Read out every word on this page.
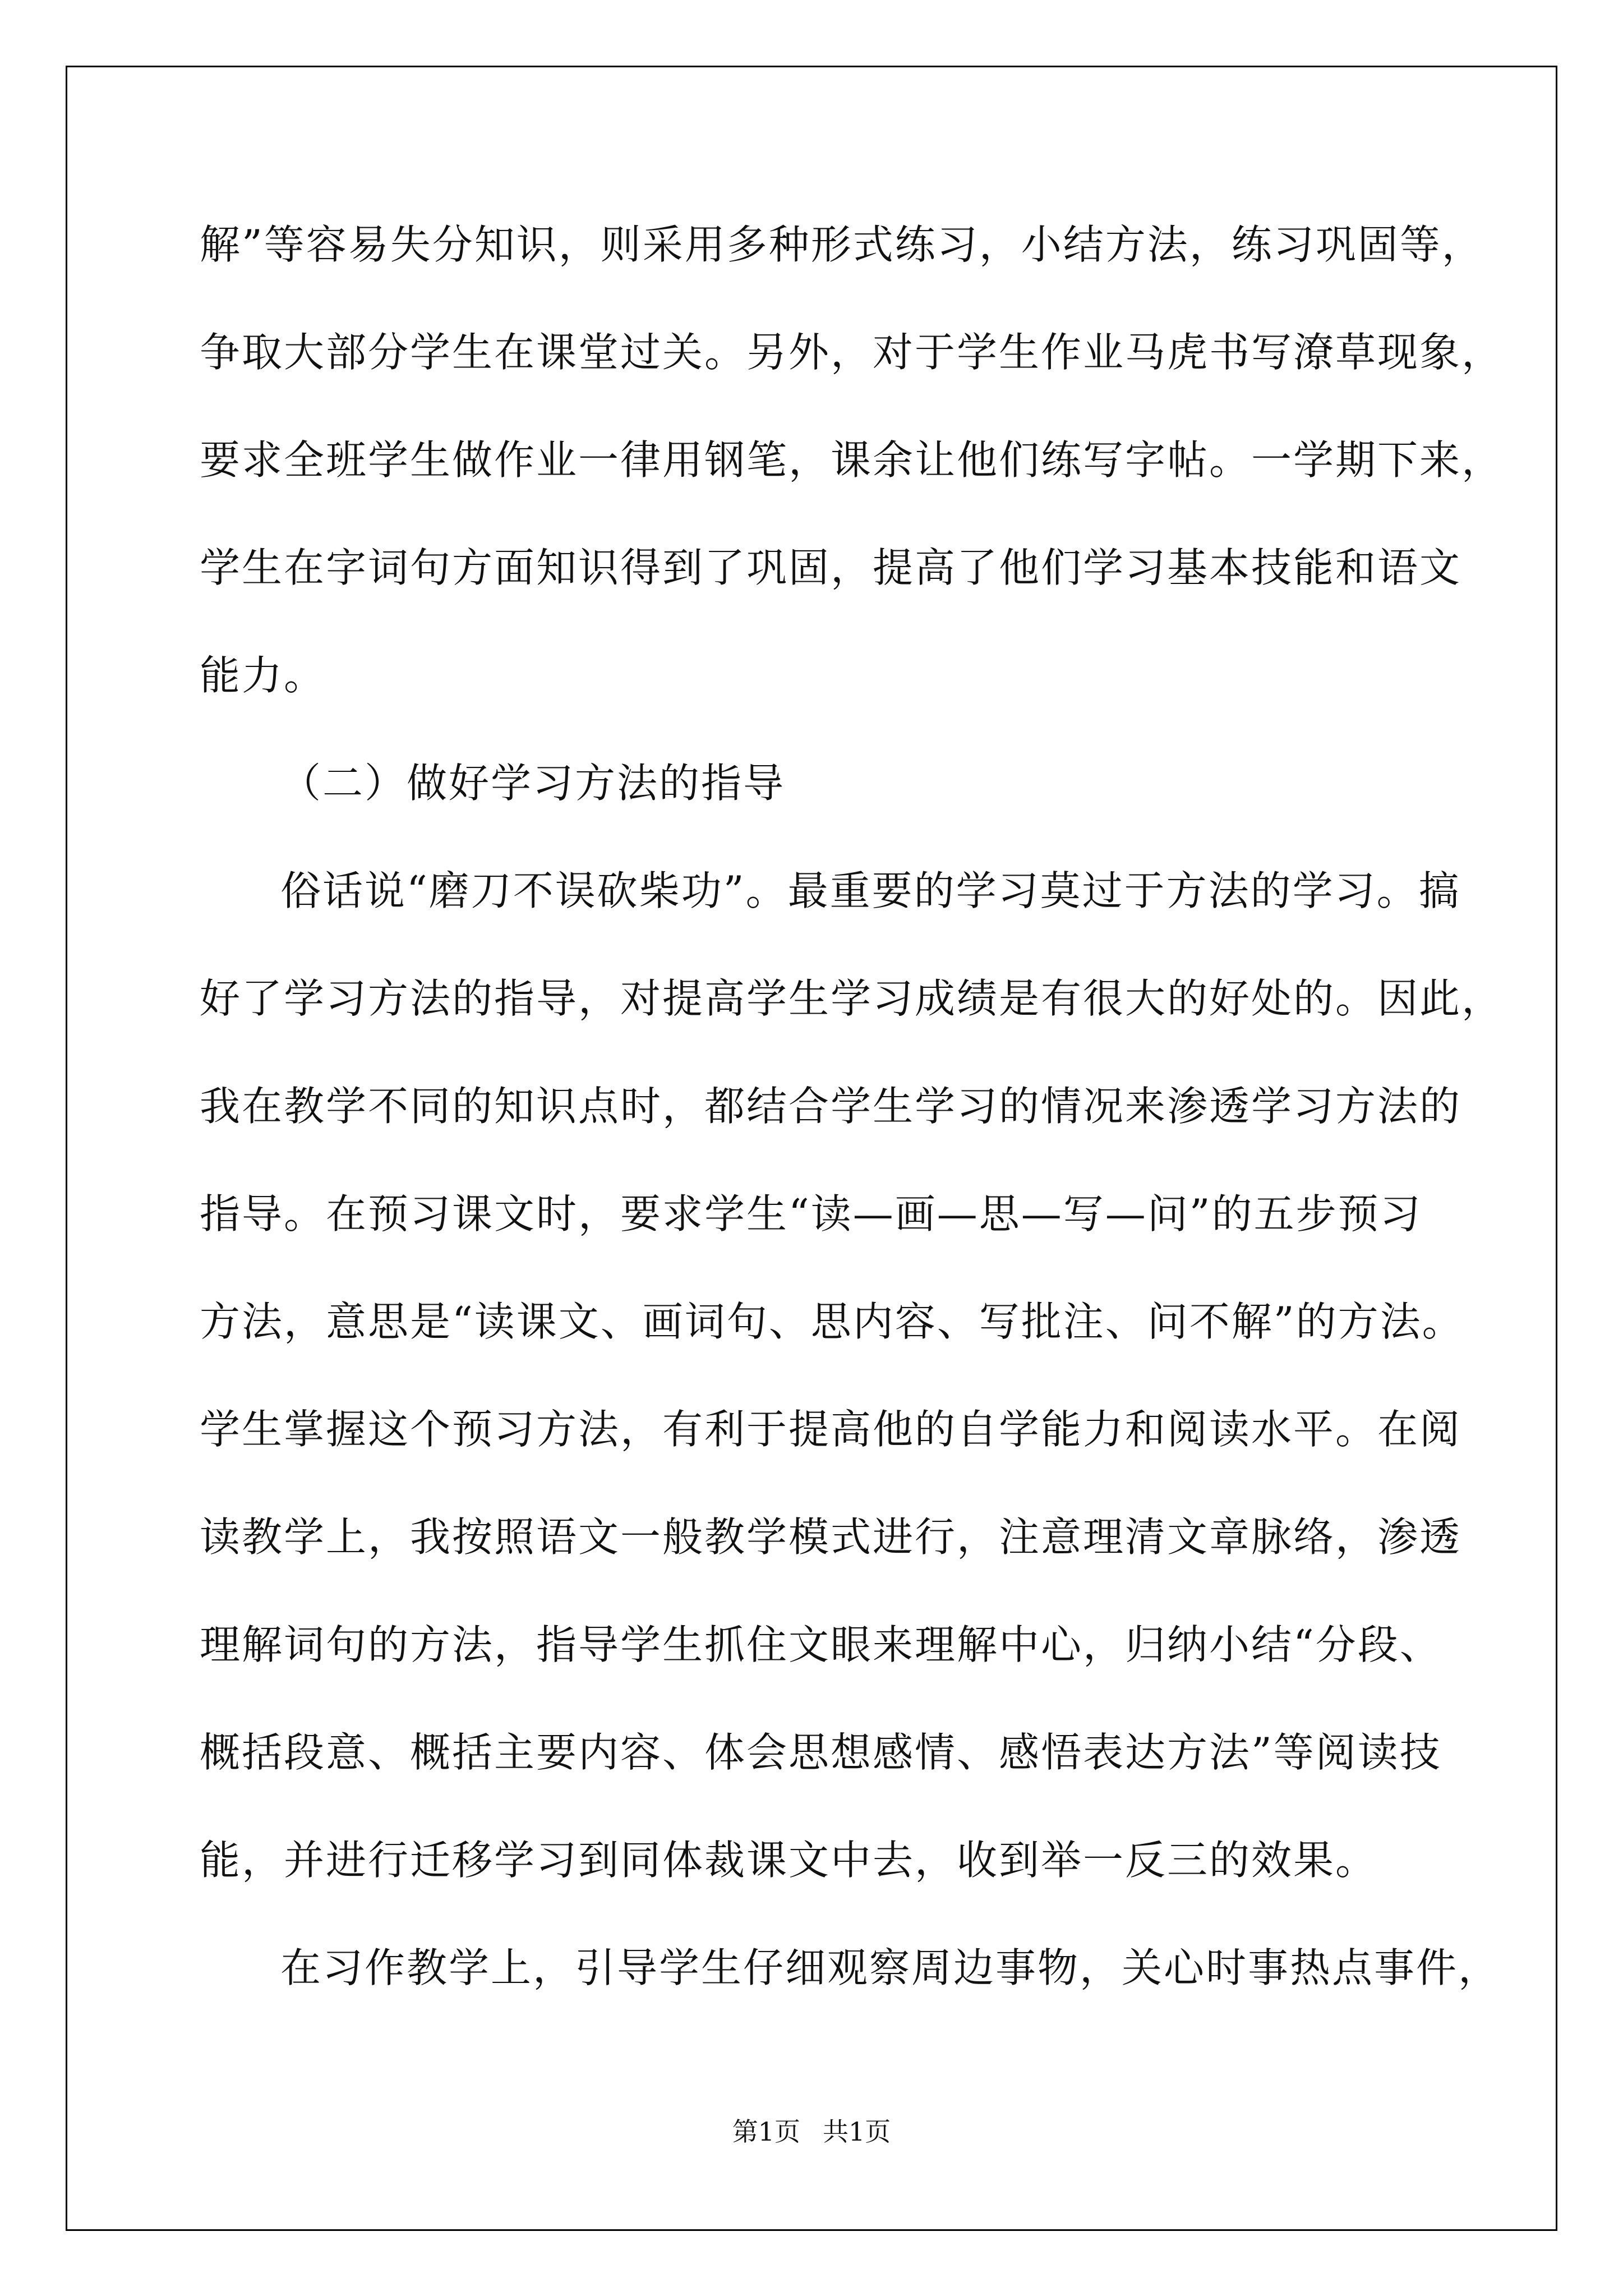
解”等容易失分知识，则采用多种形式练习，小结方法，练习巩固等，
争取大部分学生在课堂过关。另外，对于学生作业马虎书写潦草现象，
要求全班学生做作业一律用钢笔，课余让他们练写字帖。一学期下来，
学生在字词句方面知识得到了巩固，提高了他们学习基本技能和语文
能力。
（二）做好学习方法的指导
俗话说“磨刀不误砍柴功”。最重要的学习莫过于方法的学习。搞
好了学习方法的指导，对提高学生学习成绩是有很大的好处的。因此，
我在教学不同的知识点时，都结合学生学习的情况来渗透学习方法的
指导。在预习课文时，要求学生“读—画—思—写—问”的五步预习
方法，意思是“读课文、画词句、思内容、写批注、问不解”的方法。
学生掌握这个预习方法，有利于提高他的自学能力和阅读水平。在阅
读教学上，我按照语文一般教学模式进行，注意理清文章脉络，渗透
理解词句的方法，指导学生抓住文眼来理解中心，归纳小结“分段、
概括段意、概括主要内容、体会思想感情、感悟表达方法”等阅读技
能，并进行迁移学习到同体裁课文中去，收到举一反三的效果。
在习作教学上，引导学生仔细观察周边事物，关心时事热点事件，
第1页 共1页
